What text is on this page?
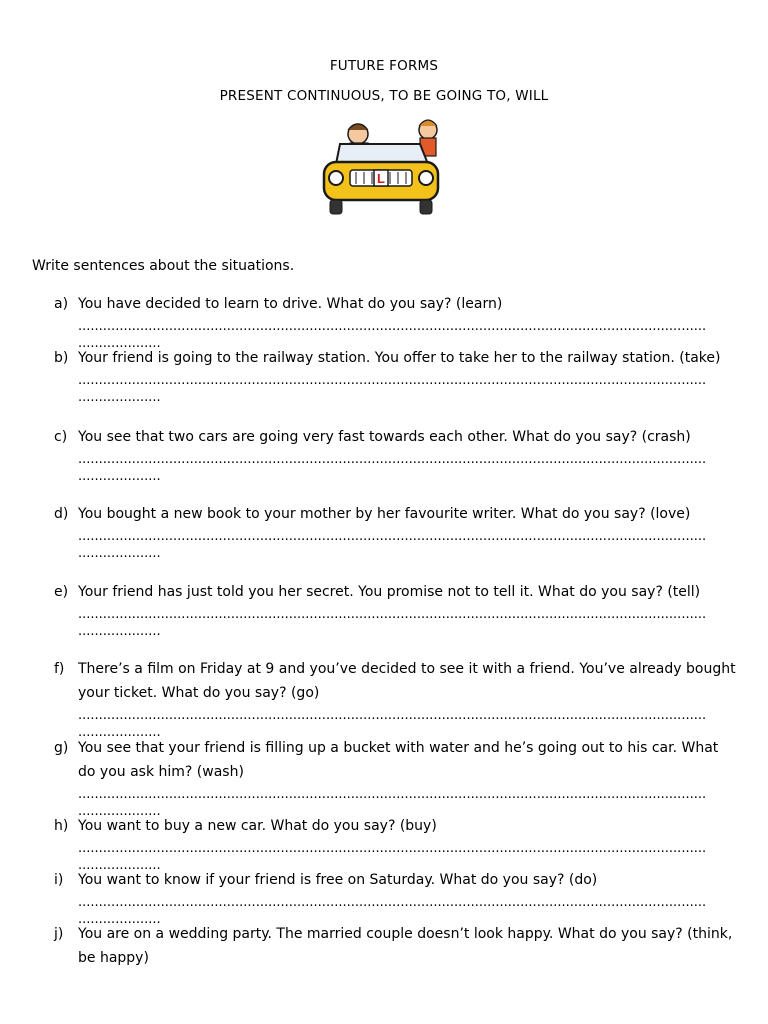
FUTURE FORMS
PRESENT CONTINUOUS, TO BE GOING TO, WILL
L
Write sentences about the situations.
a) You have decided to learn to drive. What do you say? (learn)
........................................................................................................................................................
....................
b) Your friend is going to the railway station. You offer to take her to the railway station. (take)
........................................................................................................................................................
....................
c) You see that two cars are going very fast towards each other. What do you say? (crash)
........................................................................................................................................................
....................
d) You bought a new book to your mother by her favourite writer. What do you say? (love)
........................................................................................................................................................
....................
e) Your friend has just told you her secret. You promise not to tell it. What do you say? (tell)
........................................................................................................................................................
....................
f) There’s a film on Friday at 9 and you’ve decided to see it with a friend. You’ve already bought your ticket. What do you say? (go)
........................................................................................................................................................
....................
g) You see that your friend is filling up a bucket with water and he’s going out to his car. What do you ask him? (wash)
........................................................................................................................................................
....................
h) You want to buy a new car. What do you say? (buy)
........................................................................................................................................................
....................
i)	You want to know if your friend is free on Saturday. What do you say? (do)
........................................................................................................................................................
....................
j)	You are on a wedding party. The married couple doesn’t look happy. What do you say? (think, be happy)
